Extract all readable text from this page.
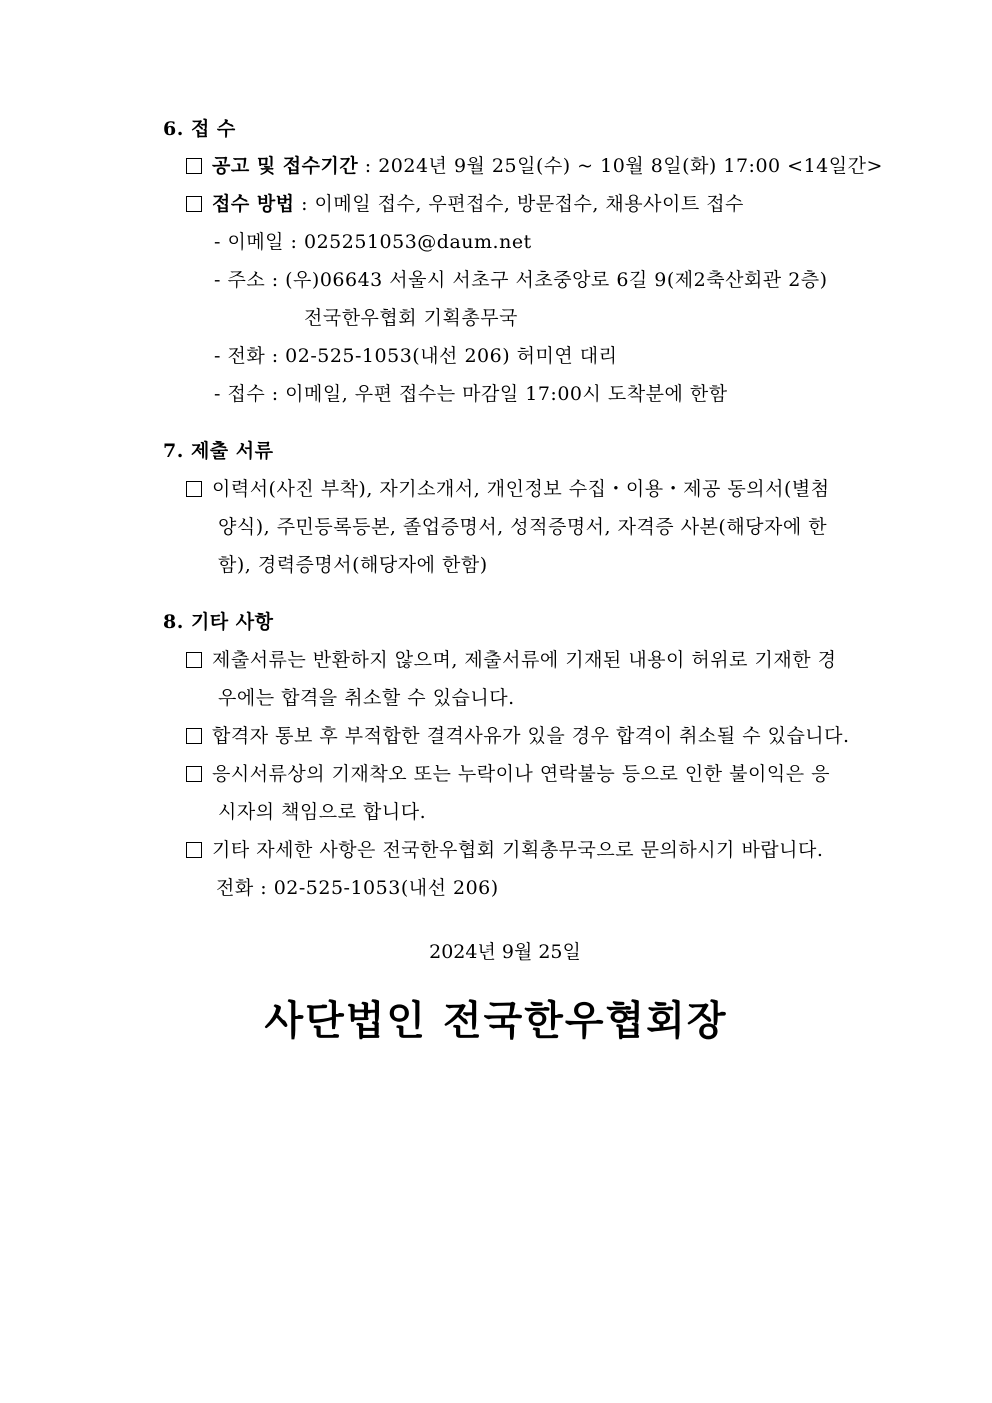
6. 접 수
공고 및 접수기간 : 2024년 9월 25일(수) ~ 10월 8일(화) 17:00 <14일간>
접수 방법 : 이메일 접수, 우편접수, 방문접수, 채용사이트 접수
- 이메일 : 025251053@daum.net
- 주소 : (우)06643 서울시 서초구 서초중앙로 6길 9(제2축산회관 2층)
전국한우협회 기획총무국
- 전화 : 02-525-1053(내선 206) 허미연 대리
- 접수 : 이메일, 우편 접수는 마감일 17:00시 도착분에 한함
7. 제출 서류
이력서(사진 부착), 자기소개서, 개인정보 수집・이용・제공 동의서(별첨
양식), 주민등록등본, 졸업증명서, 성적증명서, 자격증 사본(해당자에 한
함), 경력증명서(해당자에 한함)
8. 기타 사항
제출서류는 반환하지 않으며, 제출서류에 기재된 내용이 허위로 기재한 경
우에는 합격을 취소할 수 있습니다.
합격자 통보 후 부적합한 결격사유가 있을 경우 합격이 취소될 수 있습니다.
응시서류상의 기재착오 또는 누락이나 연락불능 등으로 인한 불이익은 응
시자의 책임으로 합니다.
기타 자세한 사항은 전국한우협회 기획총무국으로 문의하시기 바랍니다.
전화 : 02-525-1053(내선 206)
2024년 9월 25일
사단법인 전국한우협회장
